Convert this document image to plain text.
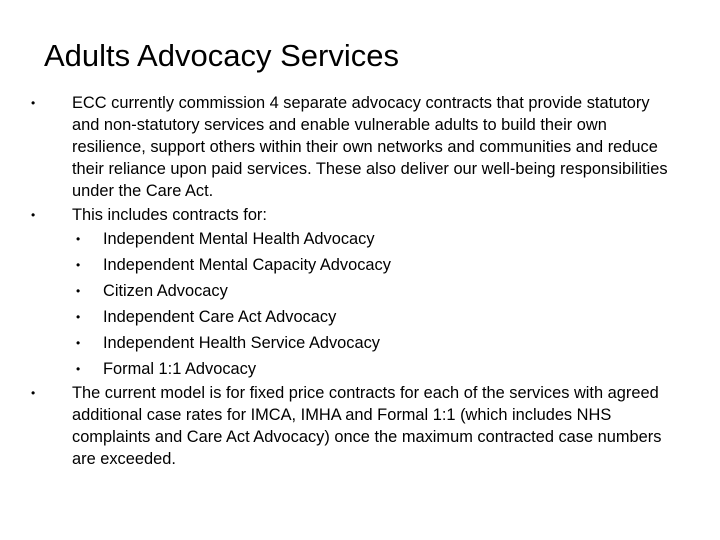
Adults Advocacy Services
• ECC currently commission 4 separate advocacy contracts that provide statutory and non-statutory services and enable vulnerable adults to build their own resilience, support others within their own networks and communities and reduce their reliance upon paid services. These also deliver our well-being responsibilities under the Care Act.
• This includes contracts for:
• Independent Mental Health Advocacy
• Independent Mental Capacity Advocacy
• Citizen Advocacy
• Independent Care Act Advocacy
• Independent Health Service Advocacy
• Formal 1:1 Advocacy
• The current model is for fixed price contracts for each of the services with agreed additional case rates for IMCA, IMHA and Formal 1:1 (which includes NHS complaints and Care Act Advocacy) once the maximum contracted case numbers are exceeded.
